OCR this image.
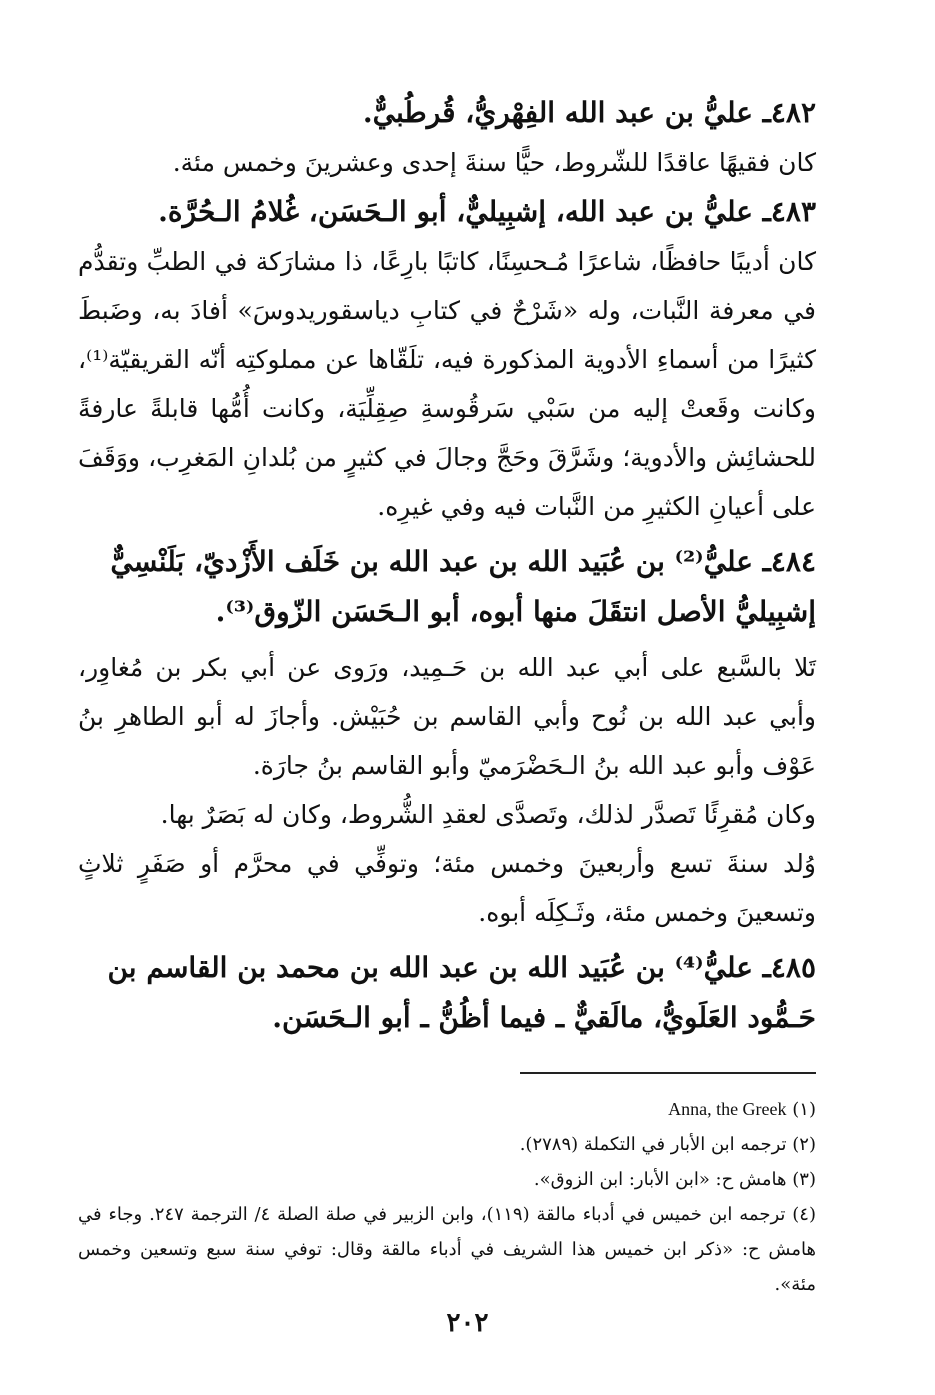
٤٨٢ـ عليُّ بن عبد الله الفِهْريُّ، قُرطُبيٌّ.

كان فقيهًا عاقدًا للشّروط، حيًّا سنةَ إحدى وعشرينَ وخمس مئة.

٤٨٣ـ عليُّ بن عبد الله، إشبِيليٌّ، أبو الـحَسَن، غُلامُ الـحُرَّة.

كان أديبًا حافظًا، شاعرًا مُـحسِنًا، كاتبًا بارِعًا، ذا مشارَكة في الطبِّ وتقدُّم في معرفة النَّبات، وله «شَرْحٌ في كتابِ دياسقوريدوسَ» أفادَ به، وضَبطَ كثيرًا من أسماءِ الأدوية المذكورة فيه، تلَقّاها عن مملوكتِه أنّه القريقيّة⁽¹⁾، وكانت وقَعتْ إليه من سَبْي سَرقُوسةِ صِقِلِّيَة، وكانت أُمُّها قابلةً عارفةً للحشائِش والأدوية؛ وشَرَّقَ وحَجَّ وجالَ في كثيرٍ من بُلدانِ المَغرِب، ووَقَفَ على أعيانِ الكثيرِ من النَّبات فيه وفي غيرِه.

٤٨٤ـ عليُّ⁽²⁾ بن عُبَيد الله بن عبد الله بن خَلَف الأَزْديّ، بَلَنْسِيٌّ إشبِيليُّ الأصل انتقَلَ منها أبوه، أبو الـحَسَن الزّوق⁽³⁾.

تَلا بالسَّبع على أبي عبد الله بن حَـمِيد، ورَوى عن أبي بكر بن مُغاوِر، وأبي عبد الله بن نُوح وأبي القاسم بن حُبَيْش. وأجازَ له أبو الطاهرِ بنُ عَوْف وأبو عبد الله بنُ الـحَضْرَميّ وأبو القاسم بنُ جارَة.

وكان مُقرِئًا تَصدَّر لذلك، وتَصدَّى لعقدِ الشُّروط، وكان له بَصَرٌ بها.

وُلد سنةَ تسع وأربعينَ وخمس مئة؛ وتوفِّي في محرَّم أو صَفَرٍ ثلاثٍ وتسعينَ وخمس مئة، وثَـكِلَه أبوه.

٤٨٥ـ عليُّ⁽⁴⁾ بن عُبَيد الله بن عبد الله بن محمد بن القاسم بن حَـمُّود العَلَويُّ، مالَقيٌّ ـ فيما أظُنُّ ـ أبو الـحَسَن.

(١) Anna, the Greek

(٢) ترجمه ابن الأبار في التكملة (٢٧٨٩).

(٣) هامش ح: «ابن الأبار: ابن الزوق».

(٤) ترجمه ابن خميس في أدباء مالقة (١١٩)، وابن الزبير في صلة الصلة ٤/ الترجمة ٢٤٧. وجاء في هامش ح: «ذكر ابن خميس هذا الشريف في أدباء مالقة وقال: توفي سنة سبع وتسعين وخمس مئة».

٢٠٢
